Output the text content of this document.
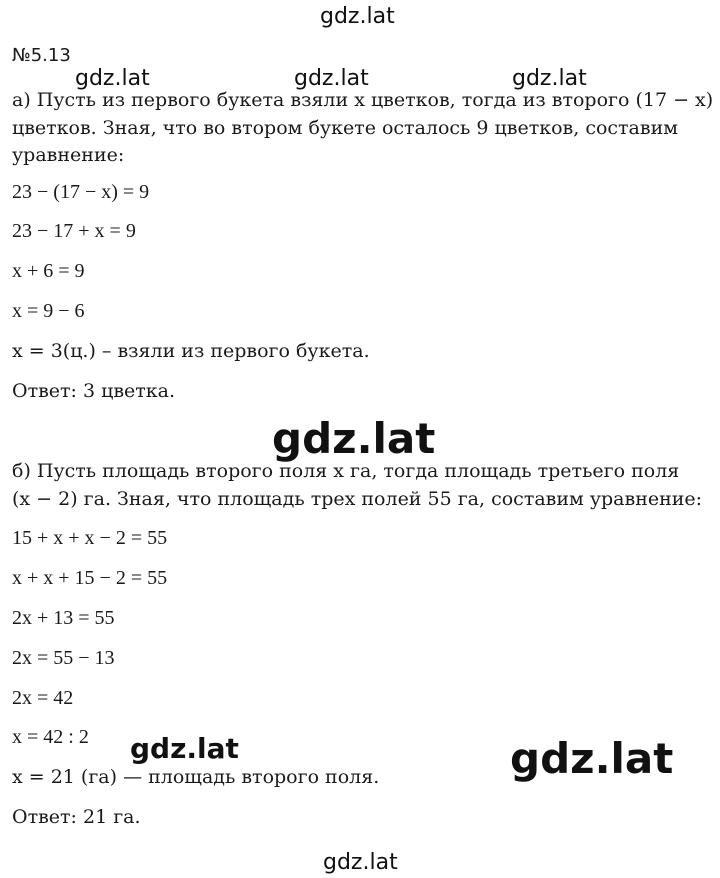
gdz.lat
gdz.lat	gdz.lat	gdz.lat
gdz.lat
gdz.lat	gdz.lat
gdz.lat
№5.13
а) Пусть из первого букета взяли x цветков, тогда из второго (17 − x)
цветков. Зная, что во втором букете осталось 9 цветков, составим
уравнение:
23 − (17 − x) = 9
23 − 17 + x = 9
x + 6 = 9
x = 9 − 6
x = 3(ц.) – взяли из первого букета.
Ответ: 3 цветка.
б) Пусть площадь второго поля x га, тогда площадь третьего поля
(x − 2) га. Зная, что площадь трех полей 55 га, составим уравнение:
15 + x + x − 2 = 55
x + x + 15 − 2 = 55
2x + 13 = 55
2x = 55 − 13
2x = 42
x = 42 : 2
x = 21 (га) — площадь второго поля.
Ответ: 21 га.
